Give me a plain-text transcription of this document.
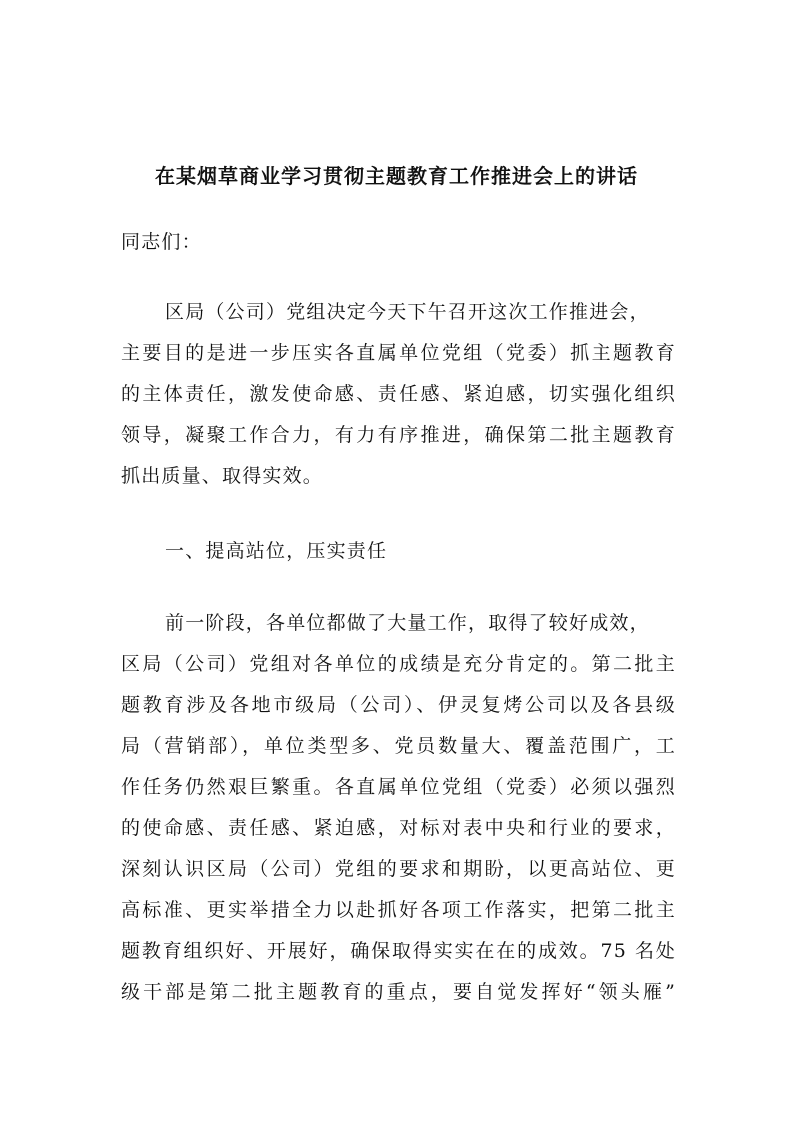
在某烟草商业学习贯彻主题教育工作推进会上的讲话
同志们：
区局（公司）党组决定今天下午召开这次工作推进会，
主要目的是进一步压实各直属单位党组（党委）抓主题教育
的主体责任，激发使命感、责任感、紧迫感，切实强化组织
领导，凝聚工作合力，有力有序推进，确保第二批主题教育
抓出质量、取得实效。
一、提高站位，压实责任
前一阶段，各单位都做了大量工作，取得了较好成效，
区局（公司）党组对各单位的成绩是充分肯定的。第二批主
题教育涉及各地市级局（公司）、伊灵复烤公司以及各县级
局（营销部），单位类型多、党员数量大、覆盖范围广，工
作任务仍然艰巨繁重。各直属单位党组（党委）必须以强烈
的使命感、责任感、紧迫感，对标对表中央和行业的要求，
深刻认识区局（公司）党组的要求和期盼，以更高站位、更
高标准、更实举措全力以赴抓好各项工作落实，把第二批主
题教育组织好、开展好，确保取得实实在在的成效。75 名处
级干部是第二批主题教育的重点，要自觉发挥好“领头雁”
